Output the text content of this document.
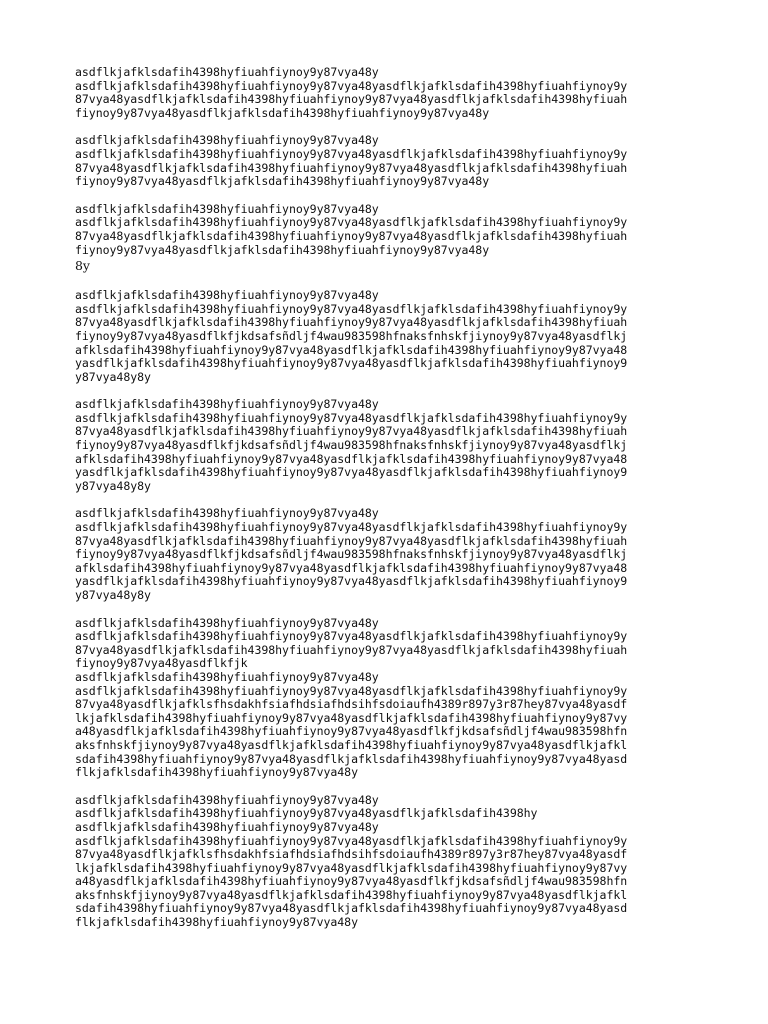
asdflkjafklsdafih4398hyfiuahfiynoy9y87vya48y
asdflkjafklsdafih4398hyfiuahfiynoy9y87vya48yasdflkjafklsdafih4398hyfiuahfiynoy9y
87vya48yasdflkjafklsdafih4398hyfiuahfiynoy9y87vya48yasdflkjafklsdafih4398hyfiuah
fiynoy9y87vya48yasdflkjafklsdafih4398hyfiuahfiynoy9y87vya48y
asdflkjafklsdafih4398hyfiuahfiynoy9y87vya48y
asdflkjafklsdafih4398hyfiuahfiynoy9y87vya48yasdflkjafklsdafih4398hyfiuahfiynoy9y
87vya48yasdflkjafklsdafih4398hyfiuahfiynoy9y87vya48yasdflkjafklsdafih4398hyfiuah
fiynoy9y87vya48yasdflkjafklsdafih4398hyfiuahfiynoy9y87vya48y
asdflkjafklsdafih4398hyfiuahfiynoy9y87vya48y
asdflkjafklsdafih4398hyfiuahfiynoy9y87vya48yasdflkjafklsdafih4398hyfiuahfiynoy9y
87vya48yasdflkjafklsdafih4398hyfiuahfiynoy9y87vya48yasdflkjafklsdafih4398hyfiuah
fiynoy9y87vya48yasdflkjafklsdafih4398hyfiuahfiynoy9y87vya48y
8y
asdflkjafklsdafih4398hyfiuahfiynoy9y87vya48y
asdflkjafklsdafih4398hyfiuahfiynoy9y87vya48yasdflkjafklsdafih4398hyfiuahfiynoy9y
87vya48yasdflkjafklsdafih4398hyfiuahfiynoy9y87vya48yasdflkjafklsdafih4398hyfiuah
fiynoy9y87vya48yasdflkfjkdsafsñdljf4wau983598hfnaksfnhskfjiynoy9y87vya48yasdflkj
afklsdafih4398hyfiuahfiynoy9y87vya48yasdflkjafklsdafih4398hyfiuahfiynoy9y87vya48
yasdflkjafklsdafih4398hyfiuahfiynoy9y87vya48yasdflkjafklsdafih4398hyfiuahfiynoy9
y87vya48y8y
asdflkjafklsdafih4398hyfiuahfiynoy9y87vya48y
asdflkjafklsdafih4398hyfiuahfiynoy9y87vya48yasdflkjafklsdafih4398hyfiuahfiynoy9y
87vya48yasdflkjafklsdafih4398hyfiuahfiynoy9y87vya48yasdflkjafklsdafih4398hyfiuah
fiynoy9y87vya48yasdflkfjkdsafsñdljf4wau983598hfnaksfnhskfjiynoy9y87vya48yasdflkj
afklsdafih4398hyfiuahfiynoy9y87vya48yasdflkjafklsdafih4398hyfiuahfiynoy9y87vya48
yasdflkjafklsdafih4398hyfiuahfiynoy9y87vya48yasdflkjafklsdafih4398hyfiuahfiynoy9
y87vya48y8y
asdflkjafklsdafih4398hyfiuahfiynoy9y87vya48y
asdflkjafklsdafih4398hyfiuahfiynoy9y87vya48yasdflkjafklsdafih4398hyfiuahfiynoy9y
87vya48yasdflkjafklsdafih4398hyfiuahfiynoy9y87vya48yasdflkjafklsdafih4398hyfiuah
fiynoy9y87vya48yasdflkfjkdsafsñdljf4wau983598hfnaksfnhskfjiynoy9y87vya48yasdflkj
afklsdafih4398hyfiuahfiynoy9y87vya48yasdflkjafklsdafih4398hyfiuahfiynoy9y87vya48
yasdflkjafklsdafih4398hyfiuahfiynoy9y87vya48yasdflkjafklsdafih4398hyfiuahfiynoy9
y87vya48y8y
asdflkjafklsdafih4398hyfiuahfiynoy9y87vya48y
asdflkjafklsdafih4398hyfiuahfiynoy9y87vya48yasdflkjafklsdafih4398hyfiuahfiynoy9y
87vya48yasdflkjafklsdafih4398hyfiuahfiynoy9y87vya48yasdflkjafklsdafih4398hyfiuah
fiynoy9y87vya48yasdflkfjk
asdflkjafklsdafih4398hyfiuahfiynoy9y87vya48y
asdflkjafklsdafih4398hyfiuahfiynoy9y87vya48yasdflkjafklsdafih4398hyfiuahfiynoy9y
87vya48yasdflkjafklsfhsdakhfsiafhdsiafhdsihfsdoiaufh4389r897y3r87hey87vya48yasdf
lkjafklsdafih4398hyfiuahfiynoy9y87vya48yasdflkjafklsdafih4398hyfiuahfiynoy9y87vy
a48yasdflkjafklsdafih4398hyfiuahfiynoy9y87vya48yasdflkfjkdsafsñdljf4wau983598hfn
aksfnhskfjiynoy9y87vya48yasdflkjafklsdafih4398hyfiuahfiynoy9y87vya48yasdflkjafkl
sdafih4398hyfiuahfiynoy9y87vya48yasdflkjafklsdafih4398hyfiuahfiynoy9y87vya48yasd
flkjafklsdafih4398hyfiuahfiynoy9y87vya48y
asdflkjafklsdafih4398hyfiuahfiynoy9y87vya48y
asdflkjafklsdafih4398hyfiuahfiynoy9y87vya48yasdflkjafklsdafih4398hy
asdflkjafklsdafih4398hyfiuahfiynoy9y87vya48y
asdflkjafklsdafih4398hyfiuahfiynoy9y87vya48yasdflkjafklsdafih4398hyfiuahfiynoy9y
87vya48yasdflkjafklsfhsdakhfsiafhdsiafhdsihfsdoiaufh4389r897y3r87hey87vya48yasdf
lkjafklsdafih4398hyfiuahfiynoy9y87vya48yasdflkjafklsdafih4398hyfiuahfiynoy9y87vy
a48yasdflkjafklsdafih4398hyfiuahfiynoy9y87vya48yasdflkfjkdsafsñdljf4wau983598hfn
aksfnhskfjiynoy9y87vya48yasdflkjafklsdafih4398hyfiuahfiynoy9y87vya48yasdflkjafkl
sdafih4398hyfiuahfiynoy9y87vya48yasdflkjafklsdafih4398hyfiuahfiynoy9y87vya48yasd
flkjafklsdafih4398hyfiuahfiynoy9y87vya48y
